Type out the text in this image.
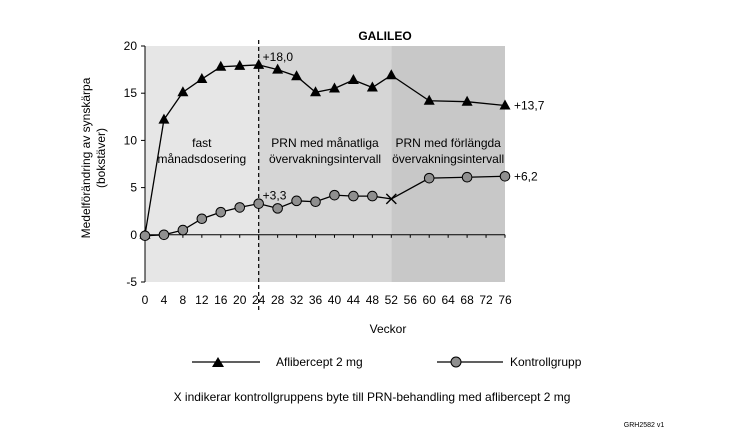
fast
månadsdosering
PRN med månatliga
övervakningsintervall
PRN med förlängda
övervakningsintervall
-5
0
5
10
15
20
0 4 8 12 16 20 24 28 32 36 40 44 48 52 56 60 64 68 72 76
+18,0
+3,3
+13,7
+6,2
GALILEO
Medelförändring av synskärpa (bokstäver)
Veckor
Aflibercept 2 mg	Kontrollgrupp
X indikerar kontrollgruppens byte till PRN-behandling med aflibercept 2 mg
GRH2582 v1
